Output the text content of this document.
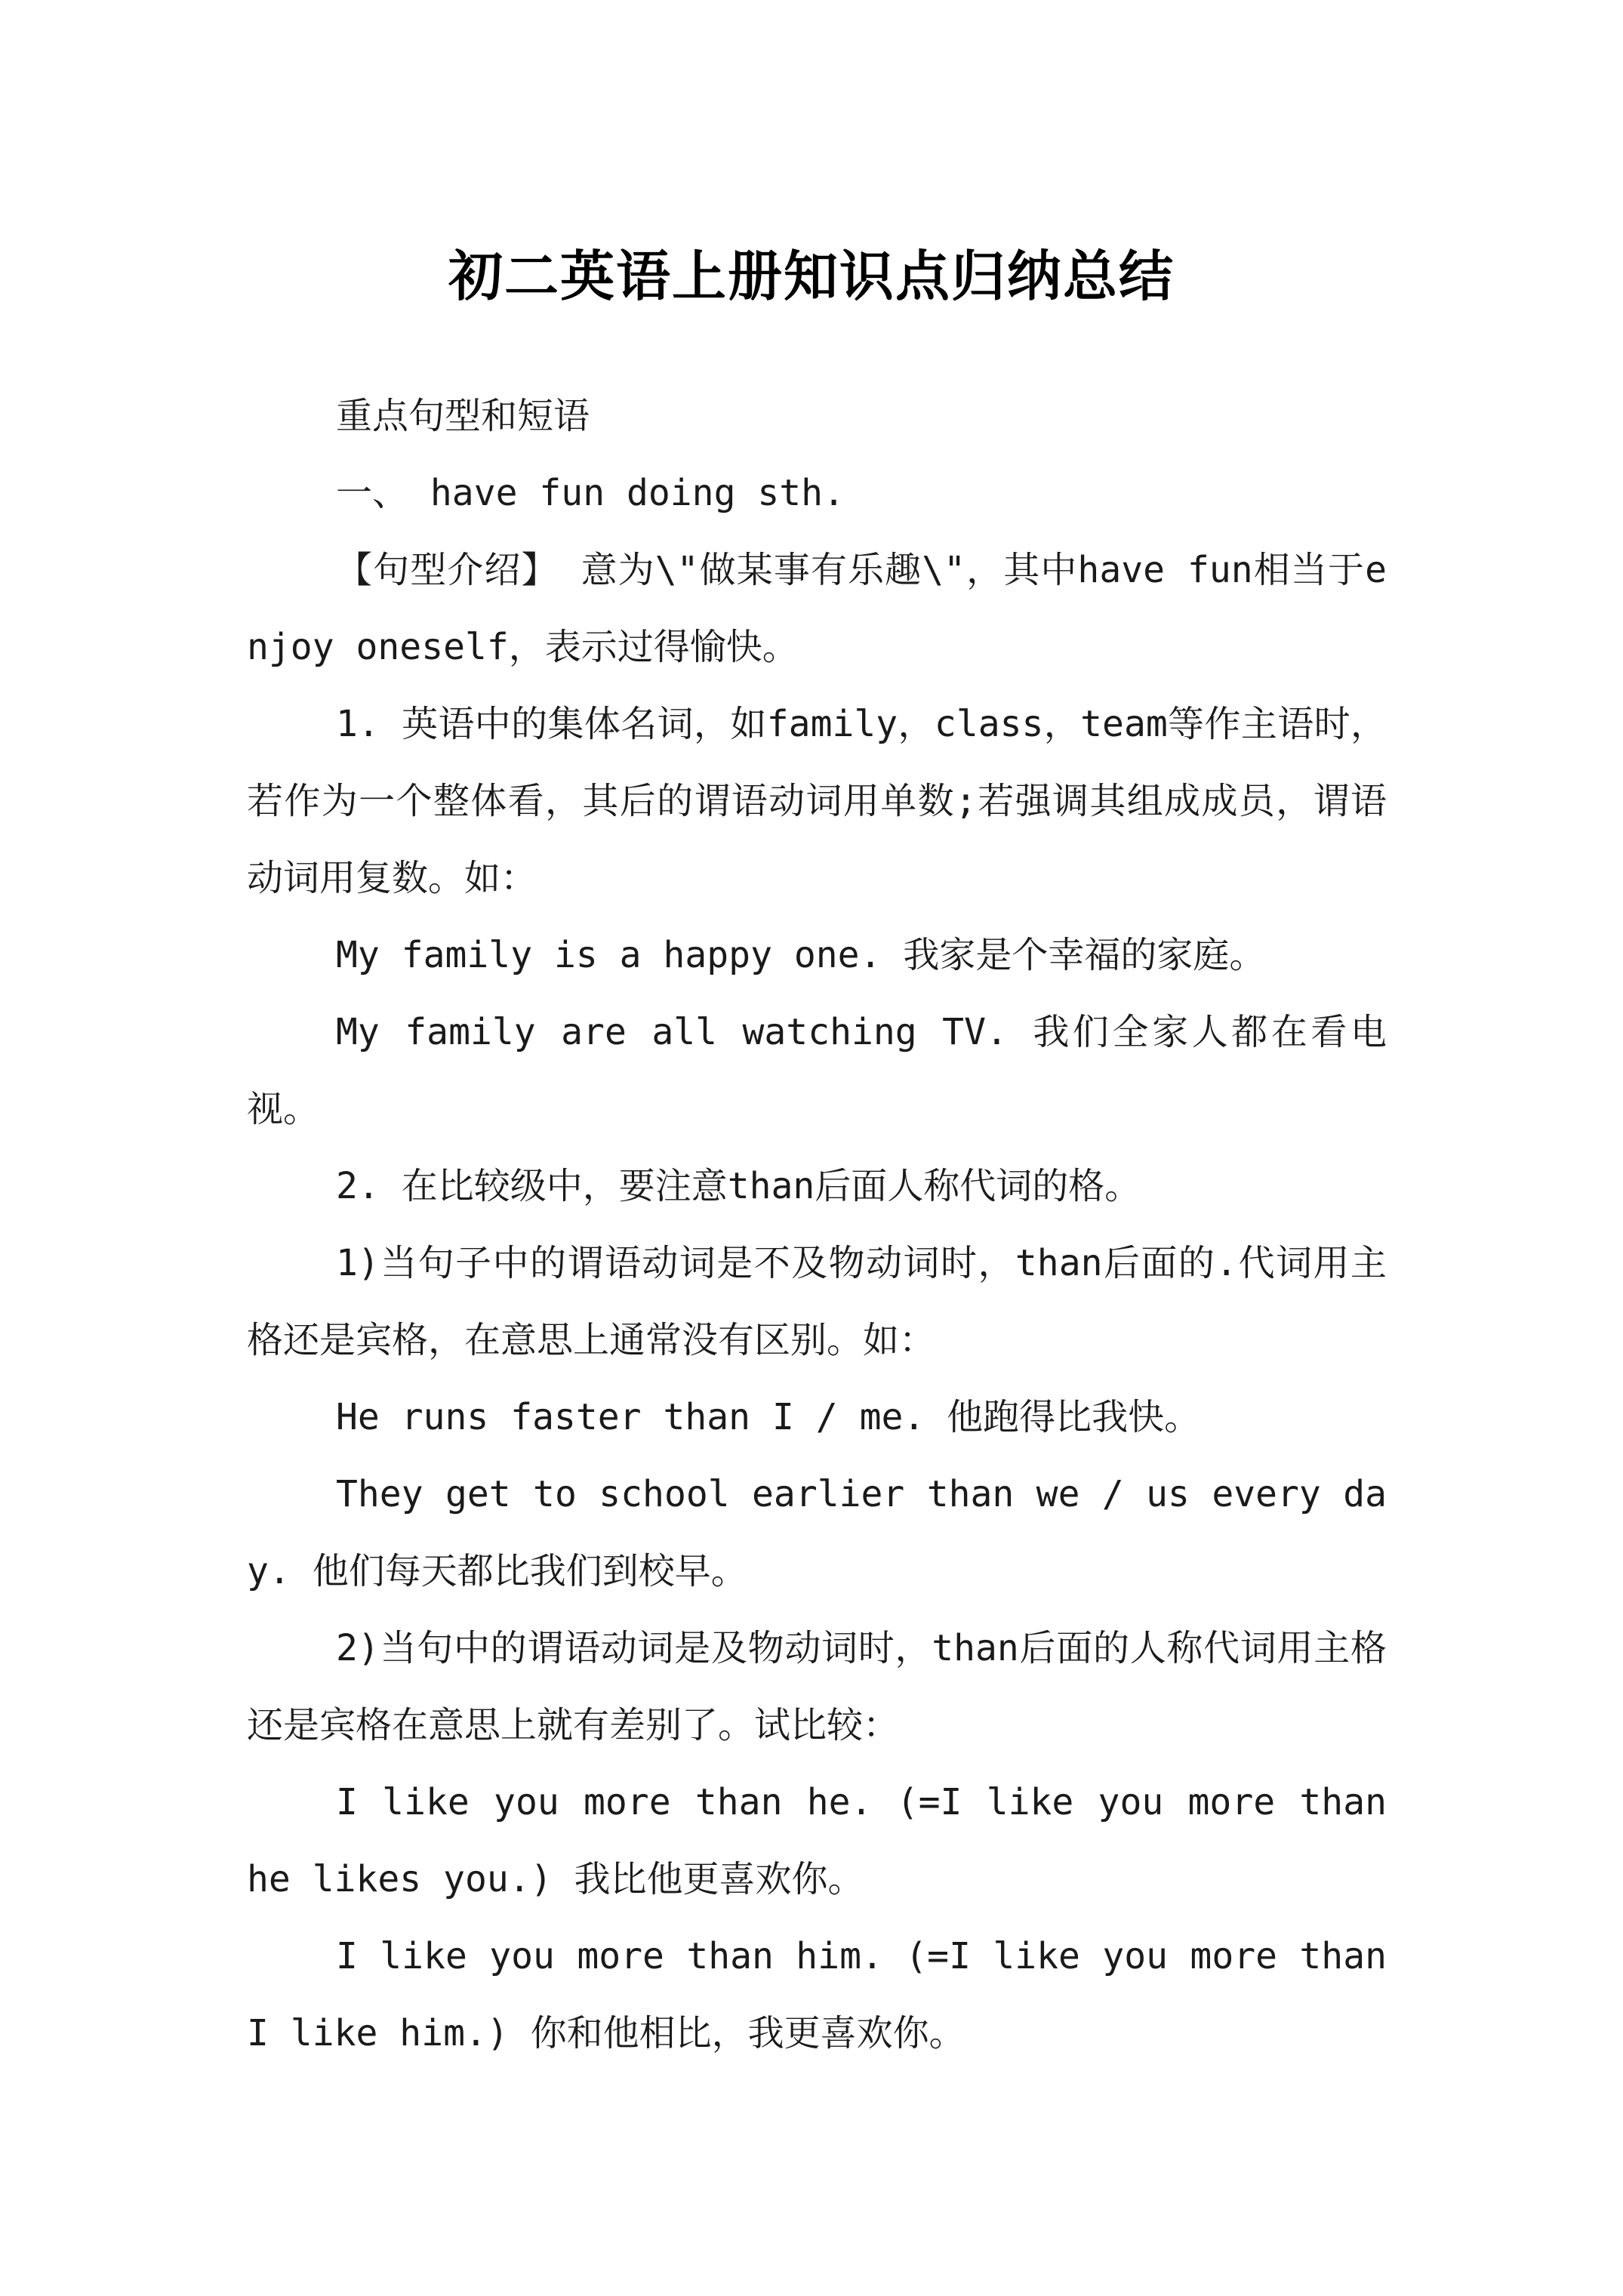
初二英语上册知识点归纳总结

重点句型和短语

一、 have fun doing sth.

【句型介绍】 意为\"做某事有乐趣\"，其中have fun相当于enjoy oneself，表示过得愉快。

1. 英语中的集体名词，如family，class，team等作主语时，若作为一个整体看，其后的谓语动词用单数;若强调其组成成员，谓语动词用复数。如：

My family is a happy one. 我家是个幸福的家庭。

My family are all watching TV. 我们全家人都在看电视。

2. 在比较级中，要注意than后面人称代词的格。

1)当句子中的谓语动词是不及物动词时，than后面的.代词用主格还是宾格，在意思上通常没有区别。如：

He runs faster than I / me. 他跑得比我快。

They get to school earlier than we / us every day. 他们每天都比我们到校早。

2)当句中的谓语动词是及物动词时，than后面的人称代词用主格还是宾格在意思上就有差别了。试比较：

I like you more than he. (=I like you more than he likes you.) 我比他更喜欢你。

I like you more than him. (=I like you more than I like him.) 你和他相比，我更喜欢你。
